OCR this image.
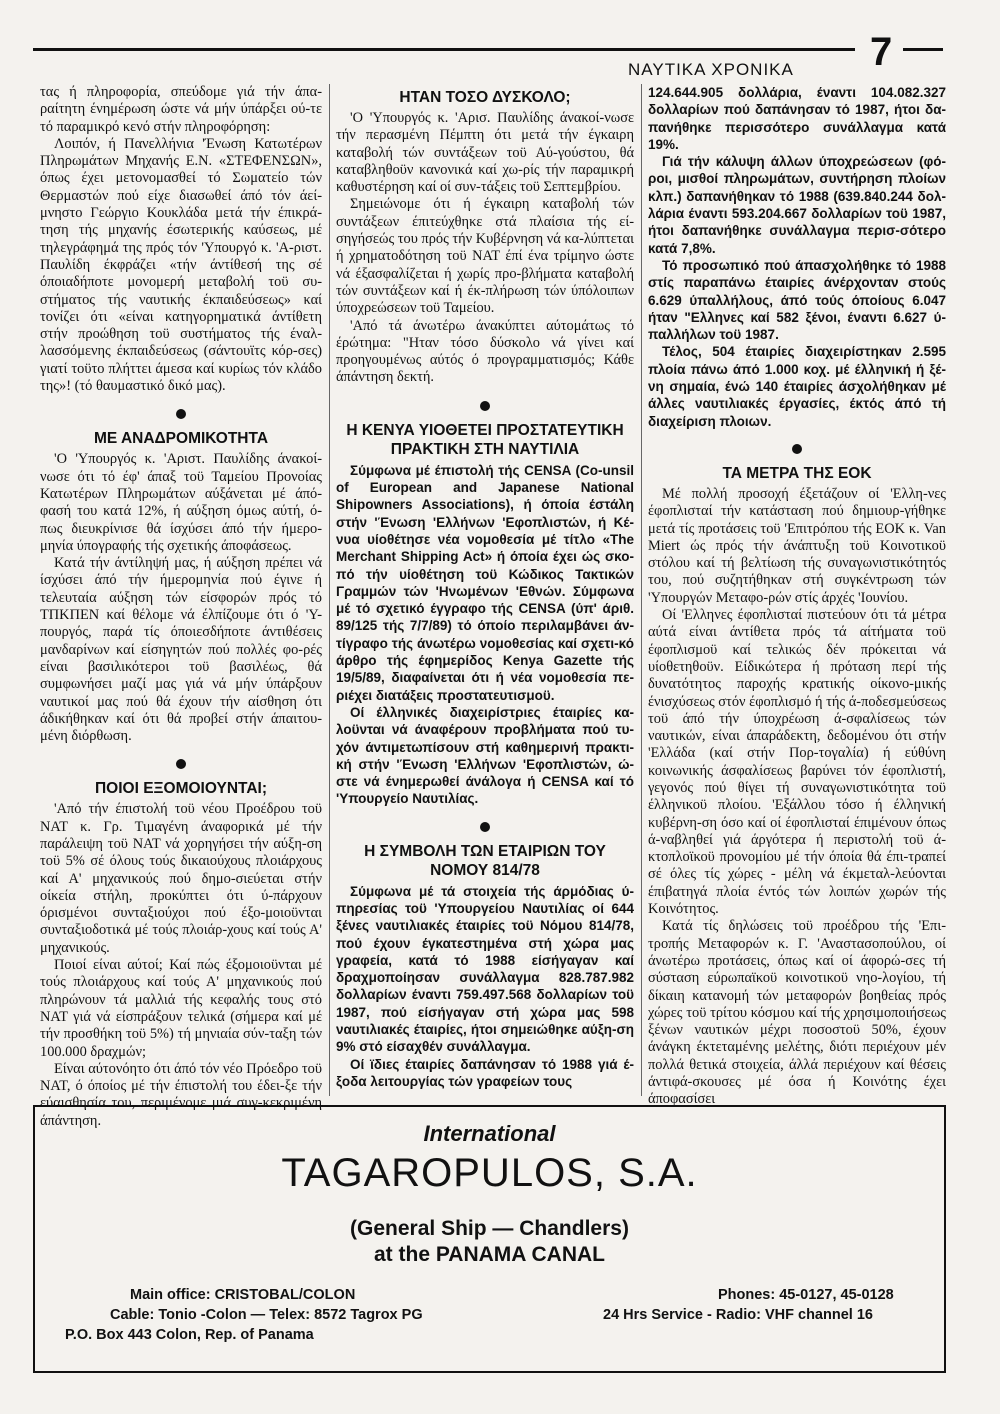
ΝΑΥΤΙΚΑ ΧΡΟΝΙΚΑ 7

τας ή πληροφορία, σπεύδομε γιά τήν άπα-ραίτητη ένημέρωση ώστε νά μήν ύπάρξει ού-τε τό παραμικρό κενό στήν πληροφόρηση:

Λοιπόν, ή Πανελλήνια 'Ένωση Κατωτέρων Πληρωμάτων Μηχανής Ε.Ν. «ΣΤΕΦΕΝΣΩΝ», όπως έχει μετονομασθεί τό Σωματείο τών Θερμαστών πού είχε διασωθεί άπό τόν άεί-μνηστο Γεώργιο Κουκλάδα μετά τήν έπικρά-τηση τής μηχανής έσωτερικής καύσεως, μέ τηλεγράφημά της πρός τόν 'Υπουργό κ. 'Α-ριστ. Παυλίδη έκφράζει «τήν άντίθεσή της σέ όποιαδήποτε μονομερή μεταβολή τοϋ συ-στήματος τής ναυτικής έκπαιδεύσεως» καί τονίζει ότι «είναι κατηγορηματικά άντίθετη στήν προώθηση τοϋ συστήματος τής έναλ-λασσόμενης έκπαιδεύσεως (σάντουϊτς κόρ-σες) γιατί τοϋτο πλήττει άμεσα καί κυρίως τόν κλάδο της»! (τό θαυμαστικό δικό μας).

ΜΕ ΑΝΑΔΡΟΜΙΚΟΤΗΤΑ

'Ο 'Υπουργός κ. 'Αριστ. Παυλίδης άνακοί-νωσε ότι τό έφ' άπαξ τοϋ Ταμείου Προνοίας Κατωτέρων Πληρωμάτων αύξάνεται μέ άπό-φασή του κατά 12%, ή αύξηση όμως αύτή, ό-πως διευκρίνισε θά ίσχύσει άπό τήν ήμερο-μηνία ύπογραφής τής σχετικής άποφάσεως.

Κατά τήν άντίληψή μας, ή αύξηση πρέπει νά ίσχύσει άπό τήν ήμερομηνία πού έγινε ή τελευταία αύξηση τών είσφορών πρός τό ΤΠΚΠΕΝ καί θέλομε νά έλπίζουμε ότι ό 'Υ-πουργός, παρά τίς όποιεσδήποτε άντιθέσεις μανδαρίνων καί είσηγητών πού πολλές φο-ρές είναι βασιλικότεροι τοϋ βασιλέως, θά συμφωνήσει μαζί μας γιά νά μήν ύπάρξουν ναυτικοί μας πού θά έχουν τήν αίσθηση ότι άδικήθηκαν καί ότι θά προβεί στήν άπαιτου-μένη διόρθωση.

ΠΟΙΟΙ ΕΞΟΜΟΙΟΥΝΤΑΙ;

'Από τήν έπιστολή τοϋ νέου Προέδρου τοϋ ΝΑΤ κ. Γρ. Τιμαγένη άναφορικά μέ τήν παράλειψη τοϋ ΝΑΤ νά χορηγήσει τήν αύξη-ση τοϋ 5% σέ όλους τούς δικαιούχους πλοιάρχους καί Α' μηχανικούς πού δημο-σιεύεται στήν οίκεία στήλη, προκύπτει ότι ύ-πάρχουν όρισμένοι συνταξιούχοι πού έξο-μοιοϋνται συνταξιοδοτικά μέ τούς πλοιάρ-χους καί τούς Α' μηχανικούς.

Ποιοί είναι αύτοί; Καί πώς έξομοιοϋνται μέ τούς πλοιάρχους καί τούς Α' μηχανικούς πού πληρώνουν τά μαλλιά τής κεφαλής τους στό ΝΑΤ γιά νά είσπράξουν τελικά (σήμερα καί μέ τήν προσθήκη τοϋ 5%) τή μηνιαία σύν-ταξη τών 100.000 δραχμών;

Είναι αύτονόητο ότι άπό τόν νέο Πρόεδρο τοϋ ΝΑΤ, ό όποίος μέ τήν έπιστολή του έδει-ξε τήν εύαισθησία του, περιμένομε μιά συγ-κεκριμένη άπάντηση.

ΗΤΑΝ ΤΟΣΟ ΔΥΣΚΟΛΟ;

'Ο 'Υπουργός κ. 'Αρισ. Παυλίδης άνακοί-νωσε τήν περασμένη Πέμπτη ότι μετά τήν έγκαιρη καταβολή τών συντάξεων τοϋ Αύ-γούστου, θά καταβληθοϋν κανονικά καί χω-ρίς τήν παραμικρή καθυστέρηση καί οί συν-τάξεις τοϋ Σεπτεμβρίου.

Σημειώνομε ότι ή έγκαιρη καταβολή τών συντάξεων έπιτεύχθηκε στά πλαίσια τής εί-σηγήσεώς του πρός τήν Κυβέρνηση νά κα-λύπτεται ή χρηματοδότηση τοϋ ΝΑΤ έπί ένα τρίμηνο ώστε νά έξασφαλίζεται ή χωρίς προ-βλήματα καταβολή τών συντάξεων καί ή έκ-πλήρωση τών ύπόλοιπων ύποχρεώσεων τοϋ Ταμείου.

'Από τά άνωτέρω άνακύπτει αύτομάτως τό έρώτημα: "Ηταν τόσο δύσκολο νά γίνει καί προηγουμένως αύτός ό προγραμματισμός; Κάθε άπάντηση δεκτή.

Η ΚΕΝΥΑ ΥΙΟΘΕΤΕΙ ΠΡΟΣΤΑΤΕΥΤΙΚΗ ΠΡΑΚΤΙΚΗ ΣΤΗ ΝΑΥΤΙΛΙΑ

Σύμφωνα μέ έπιστολή τής CENSA (Co-unsil of European and Japanese National Shipowners Associations), ή όποία έστάλη στήν 'Ένωση 'Ελλήνων 'Εφοπλιστών, ή Κέ-νυα υίοθέτησε νέα νομοθεσία μέ τίτλο «The Merchant Shipping Act» ή όποία έχει ώς σκο-πό τήν υίοθέτηση τοϋ Κώδικος Τακτικών Γραμμών τών 'Ηνωμένων 'Εθνών. Σύμφωνα μέ τό σχετικό έγγραφο τής CENSA (ύπ' άριθ. 89/125 τής 7/7/89) τό όποίο περιλαμβάνει άν-τίγραφο τής άνωτέρω νομοθεσίας καί σχετι-κό άρθρο τής έφημερίδος Kenya Gazette τής 19/5/89, διαφαίνεται ότι ή νέα νομοθεσία πε-ριέχει διατάξεις προστατευτισμοϋ.

Οί έλληνικές διαχειρίστριες έταιρίες κα-λοϋνται νά άναφέρουν προβλήματα πού τυ-χόν άντιμετωπίσουν στή καθημερινή πρακτι-κή στήν 'Ένωση 'Ελλήνων 'Εφοπλιστών, ώ-στε νά ένημερωθεί άνάλογα ή CENSA καί τό 'Υπουργείο Ναυτιλίας.

Η ΣΥΜΒΟΛΗ ΤΩΝ ΕΤΑΙΡΙΩΝ ΤΟΥ ΝΟΜΟΥ 814/78

Σύμφωνα μέ τά στοιχεία τής άρμόδιας ύ-πηρεσίας τοϋ 'Υπουργείου Ναυτιλίας οί 644 ξένες ναυτιλιακές έταιρίες τοϋ Νόμου 814/78, πού έχουν έγκατεστημένα στή χώρα μας γραφεία, κατά τό 1988 είσήγαγαν καί δραχμοποίησαν συνάλλαγμα 828.787.982 δολλαρίων έναντι 759.497.568 δολλαρίων τοϋ 1987, πού είσήγαγαν στή χώρα μας 598 ναυτιλιακές έταιρίες, ήτοι σημειώθηκε αύξη-ση 9% στό είσαχθέν συνάλλαγμα.

Οί ϊδιες έταιρίες δαπάνησαν τό 1988 γιά έ-ξοδα λειτουργίας τών γραφείων τους

124.644.905 δολλάρια, έναντι 104.082.327 δολλαρίων πού δαπάνησαν τό 1987, ήτοι δα-πανήθηκε περισσότερο συνάλλαγμα κατά 19%.

Γιά τήν κάλυψη άλλων ύποχρεώσεων (φό-ροι, μισθοί πληρωμάτων, συντήρηση πλοίων κλπ.) δαπανήθηκαν τό 1988 (639.840.244 δολ-λάρια έναντι 593.204.667 δολλαρίων τοϋ 1987, ήτοι δαπανήθηκε συνάλλαγμα περισ-σότερο κατά 7,8%.

Τό προσωπικό πού άπασχολήθηκε τό 1988 στίς παραπάνω έταιρίες άνέρχονταν στούς 6.629 ύπαλλήλους, άπό τούς όποίους 6.047 ήταν "Ελληνες καί 582 ξένοι, έναντι 6.627 ύ-παλλήλων τοϋ 1987.

Τέλος, 504 έταιρίες διαχειρίστηκαν 2.595 πλοία πάνω άπό 1.000 κοχ. μέ έλληνική ή ξέ-νη σημαία, ένώ 140 έταιρίες άσχολήθηκαν μέ άλλες ναυτιλιακές έργασίες, έκτός άπό τή διαχείριση πλοιων.

ΤΑ ΜΕΤΡΑ ΤΗΣ ΕΟΚ

Μέ πολλή προσοχή έξετάζουν οί 'Ελλη-νες έφοπλισταί τήν κατάσταση πού δημιουρ-γήθηκε μετά τίς προτάσεις τοϋ 'Επιτρόπου τής ΕΟΚ κ. Van Miert ώς πρός τήν άνάπτυξη τοϋ Κοινοτικοϋ στόλου καί τή βελτίωση τής συναγωνιστικότητός του, πού συζητήθηκαν στή συγκέντρωση τών 'Υπουργών Μεταφο-ρών στίς άρχές 'Ιουνίου.

Οί 'Ελληνες έφοπλισταί πιστεύουν ότι τά μέτρα αύτά είναι άντίθετα πρός τά αίτήματα τοϋ έφοπλισμοϋ καί τελικώς δέν πρόκειται νά υίοθετηθοϋν. Είδικώτερα ή πρόταση περί τής δυνατότητος παροχής κρατικής οίκονο-μικής ένισχύσεως στόν έφοπλισμό ή τής ά-ποδεσμεύσεως τοϋ άπό τήν ύποχρέωση ά-σφαλίσεως τών ναυτικών, είναι άπαράδεκτη, δεδομένου ότι στήν 'Ελλάδα (καί στήν Πορ-τογαλία) ή εύθύνη κοινωνικής άσφαλίσεως βαρύνει τόν έφοπλιστή, γεγονός πού θίγει τή συναγωνιστικότητα τοϋ έλληνικοϋ πλοίου. 'Εξάλλου τόσο ή έλληνική κυβέρνη-ση όσο καί οί έφοπλισταί έπιμένουν όπως ά-ναβληθεί γιά άργότερα ή περιστολή τοϋ ά-κτοπλοϊκοϋ προνομίου μέ τήν όποία θά έπι-τραπεί σέ όλες τίς χώρες - μέλη νά έκμεταλ-λεύονται έπιβατηγά πλοία έντός τών λοιπών χωρών τής Κοινότητος.

Κατά τίς δηλώσεις τοϋ προέδρου τής 'Επι-τροπής Μεταφορών κ. Γ. 'Αναστασοπούλου, οί άνωτέρω προτάσεις, όπως καί οί άφορώ-σες τή σύσταση εύρωπαϊκοϋ κοινοτικοϋ νηο-λογίου, τή δίκαιη κατανομή τών μεταφορών βοηθείας πρός χώρες τοϋ τρίτου κόσμου καί τής χρησιμοποιήσεως ξένων ναυτικών μέχρι ποσοστοϋ 50%, έχουν άνάγκη έκτεταμένης μελέτης, διότι περιέχουν μέν πολλά θετικά στοιχεία, άλλά περιέχουν καί θέσεις άντιφά-σκουσες μέ όσα ή Κοινότης έχει άποφασίσει

International
TAGAROPULOS, S.A.
(General Ship — Chandlers)
at the PANAMA CANAL
Main office: CRISTOBAL/COLON
Cable: Tonio -Colon — Telex: 8572 Tagrox PG
P.O. Box 443 Colon, Rep. of Panama
Phones: 45-0127, 45-0128
24 Hrs Service - Radio: VHF channel 16
